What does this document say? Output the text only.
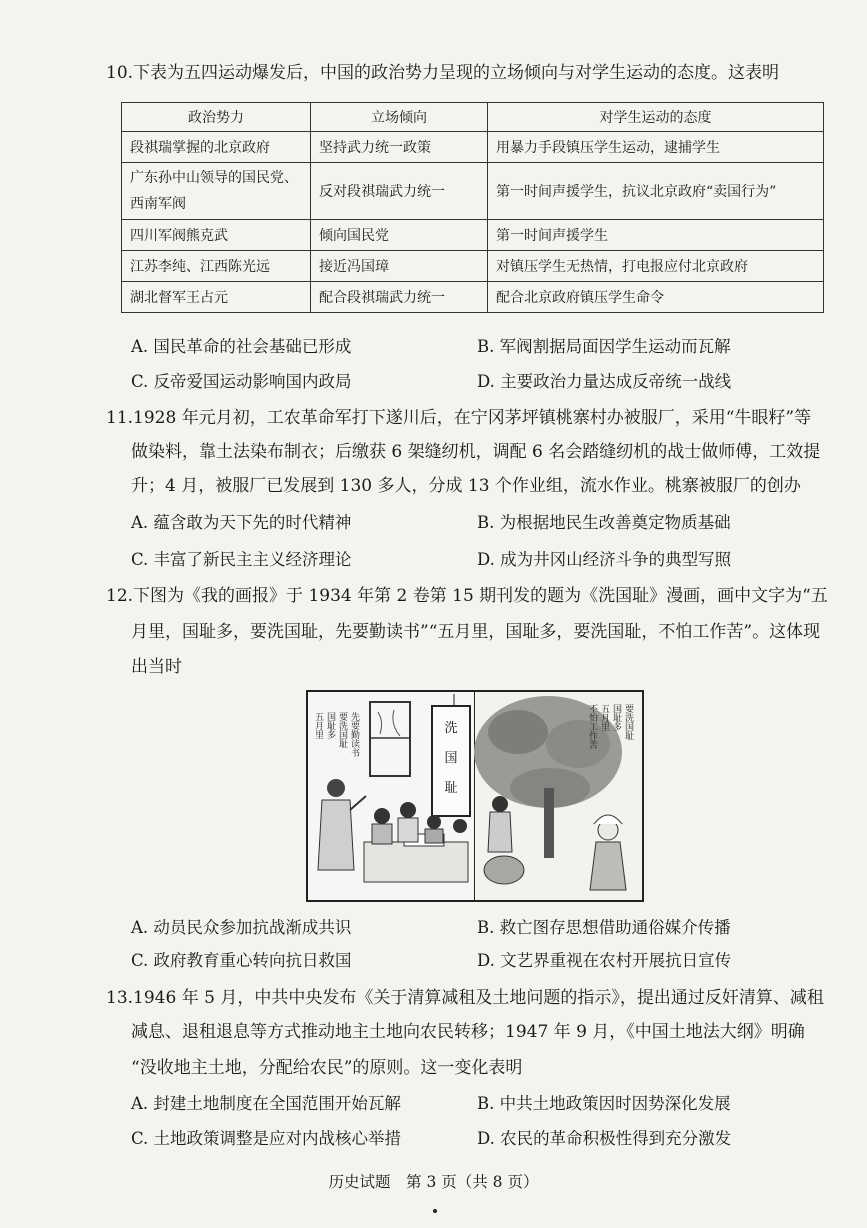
10.下表为五四运动爆发后，中国的政治势力呈现的立场倾向与对学生运动的态度。这表明
政治势力	立场倾向	对学生运动的态度
段祺瑞掌握的北京政府	坚持武力统一政策	用暴力手段镇压学生运动，逮捕学生
广东孙中山领导的国民党、西南军阀	反对段祺瑞武力统一	第一时间声援学生，抗议北京政府“卖国行为”
四川军阀熊克武	倾向国民党	第一时间声援学生
江苏李纯、江西陈光远	接近冯国璋	对镇压学生无热情，打电报应付北京政府
湖北督军王占元	配合段祺瑞武力统一	配合北京政府镇压学生命令
A. 国民革命的社会基础已形成	B. 军阀割据局面因学生运动而瓦解
C. 反帝爱国运动影响国内政局	D. 主要政治力量达成反帝统一战线
11.1928 年元月初，工农革命军打下遂川后，在宁冈茅坪镇桃寨村办被服厂，采用“牛眼籽”等
做染料，靠土法染布制衣；后缴获 6 架缝纫机，调配 6 名会踏缝纫机的战士做师傅，工效提
升；4 月，被服厂已发展到 130 多人，分成 13 个作业组，流水作业。桃寨被服厂的创办
A. 蕴含敢为天下先的时代精神	B. 为根据地民生改善奠定物质基础
C. 丰富了新民主主义经济理论	D. 成为井冈山经济斗争的典型写照
12.下图为《我的画报》于 1934 年第 2 卷第 15 期刊发的题为《洗国耻》漫画，画中文字为“五
月里，国耻多，要洗国耻，先要勤读书”“五月里，国耻多，要洗国耻，不怕工作苦”。这体现
出当时
洗
国
耻
五月里 国耻多 要洗国耻 先要勤读书	五月里 国耻多 要洗国耻
不怕工作苦
A. 动员民众参加抗战渐成共识	B. 救亡图存思想借助通俗媒介传播
C. 政府教育重心转向抗日救国	D. 文艺界重视在农村开展抗日宣传
13.1946 年 5 月，中共中央发布《关于清算减租及土地问题的指示》，提出通过反奸清算、减租
减息、退租退息等方式推动地主土地向农民转移；1947 年 9 月，《中国土地法大纲》明确
“没收地主土地，分配给农民”的原则。这一变化表明
A. 封建土地制度在全国范围开始瓦解	B. 中共土地政策因时因势深化发展
C. 土地政策调整是应对内战核心举措	D. 农民的革命积极性得到充分激发
历史试题　第 3 页（共 8 页）
